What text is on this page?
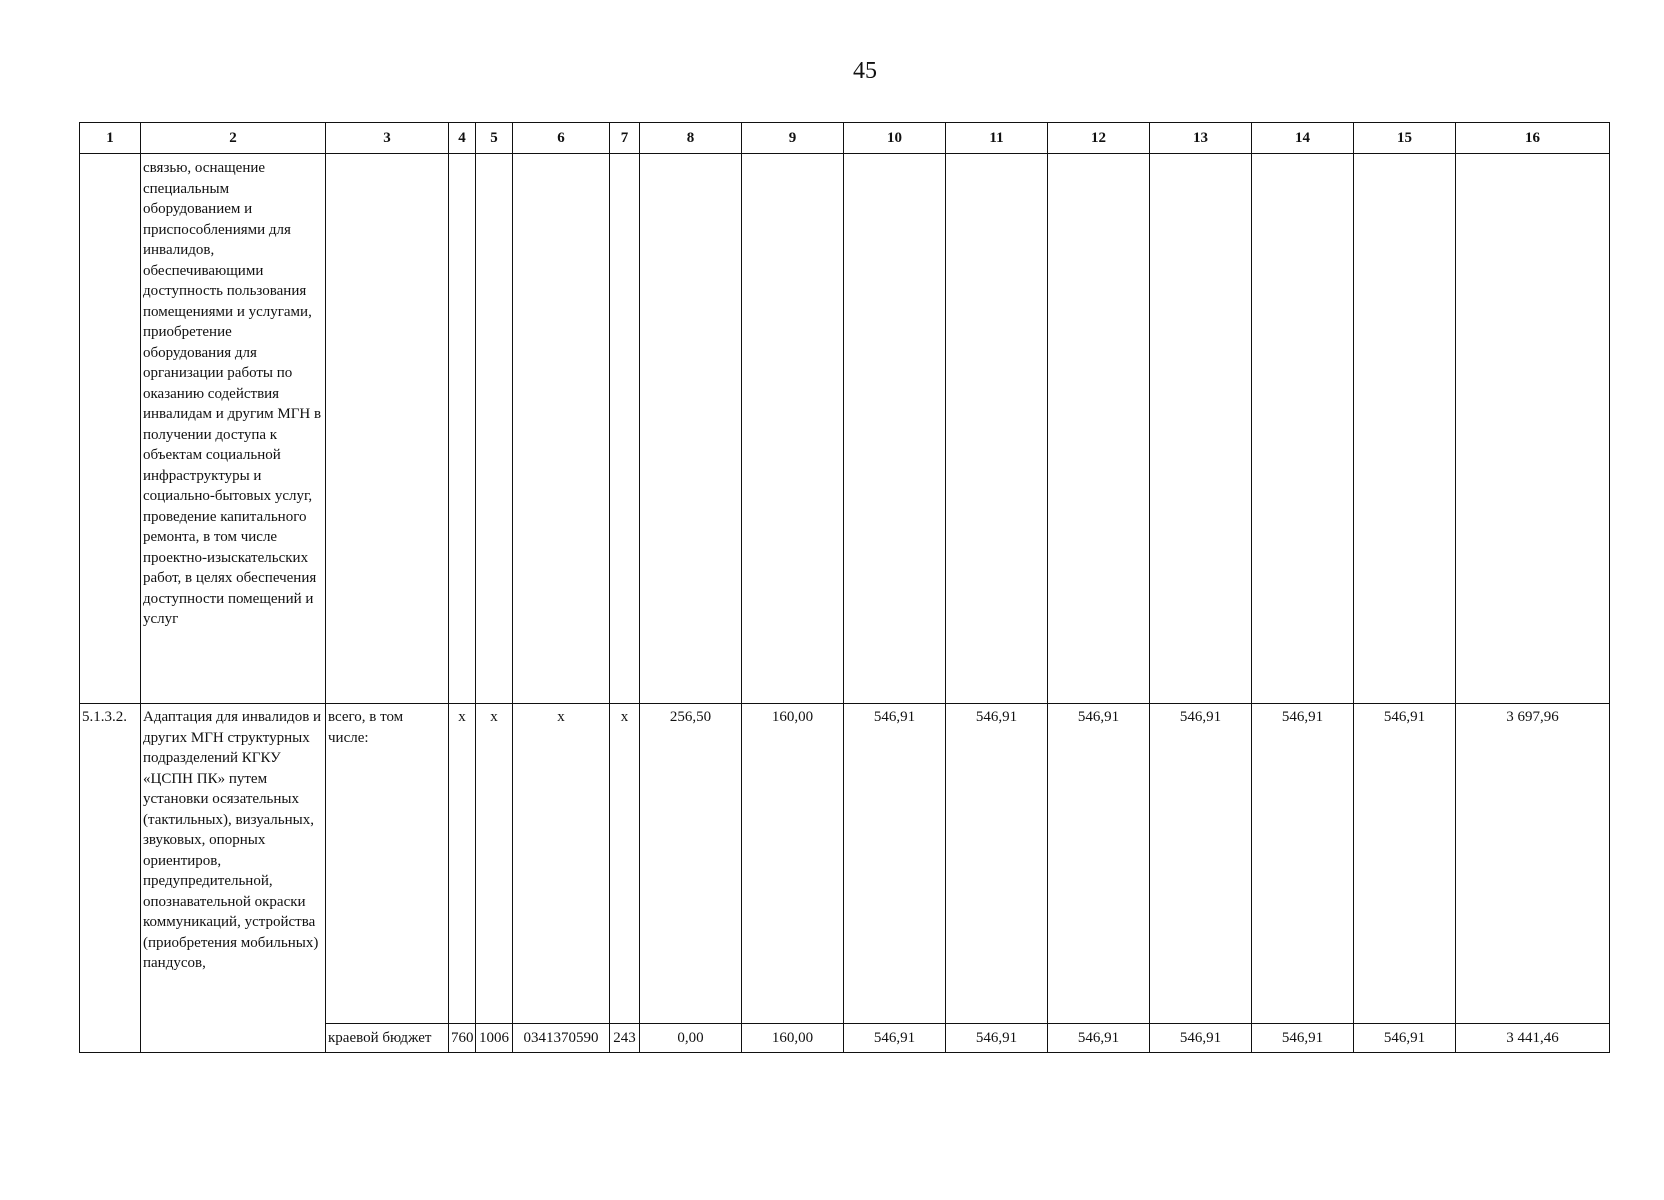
45
1	2	3	4	5	6	7	8	9	10	11	12	13	14	15	16
	связью, оснащение специальным оборудованием и приспособлениями для инвалидов, обеспечивающими доступность пользования помещениями и услугами, приобретение оборудования для организации работы по оказанию содействия инвалидам и другим МГН в получении доступа к объектам социальной инфраструктуры и социально-бытовых услуг, проведение капитального ремонта, в том числе проектно-изыскательских работ, в целях обеспечения доступности помещений и услуг														
5.1.3.2.	Адаптация для инвалидов и других МГН структурных подразделений КГКУ «ЦСПН ПК» путем установки осязательных (тактильных), визуальных, звуковых, опорных ориентиров, предупредительной, опознавательной окраски коммуникаций, устройства (приобретения мобильных) пандусов,	всего, в том числе:	x	x	x	x	256,50	160,00	546,91	546,91	546,91	546,91	546,91	546,91	3 697,96
		краевой бюджет	760	1006	0341370590	243	0,00	160,00	546,91	546,91	546,91	546,91	546,91	546,91	3 441,46
